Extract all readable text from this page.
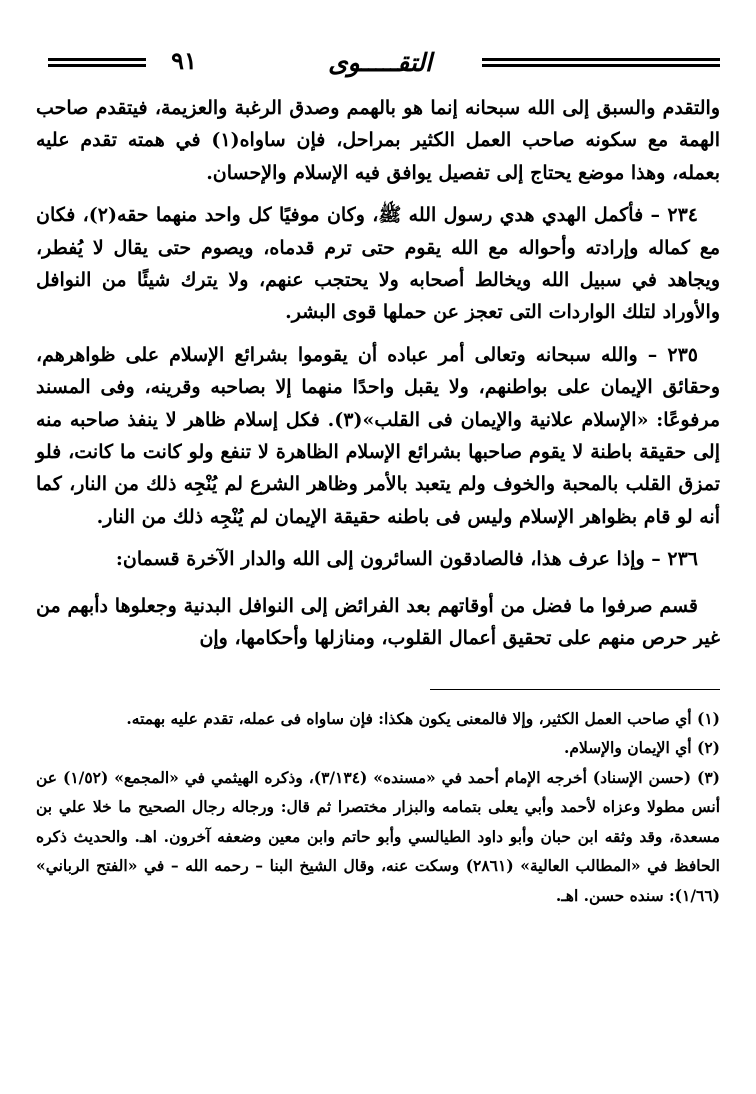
التقـــــوى
٩١

والتقدم والسبق إلى الله سبحانه إنما هو بالهمم وصدق الرغبة والعزيمة، فيتقدم صاحب الهمة مع سكونه صاحب العمل الكثير بمراحل، فإن ساواه(١) في همته تقدم عليه بعمله، وهذا موضع يحتاج إلى تفصيل يوافق فيه الإسلام والإحسان.

٢٣٤ – فأكمل الهدي هدي رسول الله ﷺ، وكان موفيًا كل واحد منهما حقه(٢)، فكان مع كماله وإرادته وأحواله مع الله يقوم حتى ترم قدماه، ويصوم حتى يقال لا يُفطر، ويجاهد في سبيل الله ويخالط أصحابه ولا يحتجب عنهم، ولا يترك شيئًا من النوافل والأوراد لتلك الواردات التى تعجز عن حملها قوى البشر.

٢٣٥ – والله سبحانه وتعالى أمر عباده أن يقوموا بشرائع الإسلام على ظواهرهم، وحقائق الإيمان على بواطنهم، ولا يقبل واحدًا منهما إلا بصاحبه وقرينه، وفى المسند مرفوعًا: «الإسلام علانية والإيمان فى القلب»(٣). فكل إسلام ظاهر لا ينفذ صاحبه منه إلى حقيقة باطنة لا يقوم صاحبها بشرائع الإسلام الظاهرة لا تنفع ولو كانت ما كانت، فلو تمزق القلب بالمحبة والخوف ولم يتعبد بالأمر وظاهر الشرع لم يُنْجِه ذلك من النار، كما أنه لو قام بظواهر الإسلام وليس فى باطنه حقيقة الإيمان لم يُنْجِه ذلك من النار.

٢٣٦ – وإذا عرف هذا، فالصادقون السائرون إلى الله والدار الآخرة قسمان:

قسم صرفوا ما فضل من أوقاتهم بعد الفرائض إلى النوافل البدنية وجعلوها دأبهم من غير حرص منهم على تحقيق أعمال القلوب، ومنازلها وأحكامها، وإن

(١) أي صاحب العمل الكثير، وإلا فالمعنى يكون هكذا: فإن ساواه فى عمله، تقدم عليه بهمته.

(٢) أي الإيمان والإسلام.

(٣) (حسن الإسناد) أخرجه الإمام أحمد في «مسنده» (٣/١٣٤)، وذكره الهيثمي في «المجمع» (١/٥٢) عن أنس مطولا وعزاه لأحمد وأبي يعلى بتمامه والبزار مختصرا ثم قال: ورجاله رجال الصحيح ما خلا علي بن مسعدة، وقد وثقه ابن حبان وأبو داود الطيالسي وأبو حاتم وابن معين وضعفه آخرون. اهـ. والحديث ذكره الحافظ في «المطالب العالية» (٢٨٦١) وسكت عنه، وقال الشيخ البنا – رحمه الله – في «الفتح الرباني» (١/٦٦): سنده حسن. اهـ.
